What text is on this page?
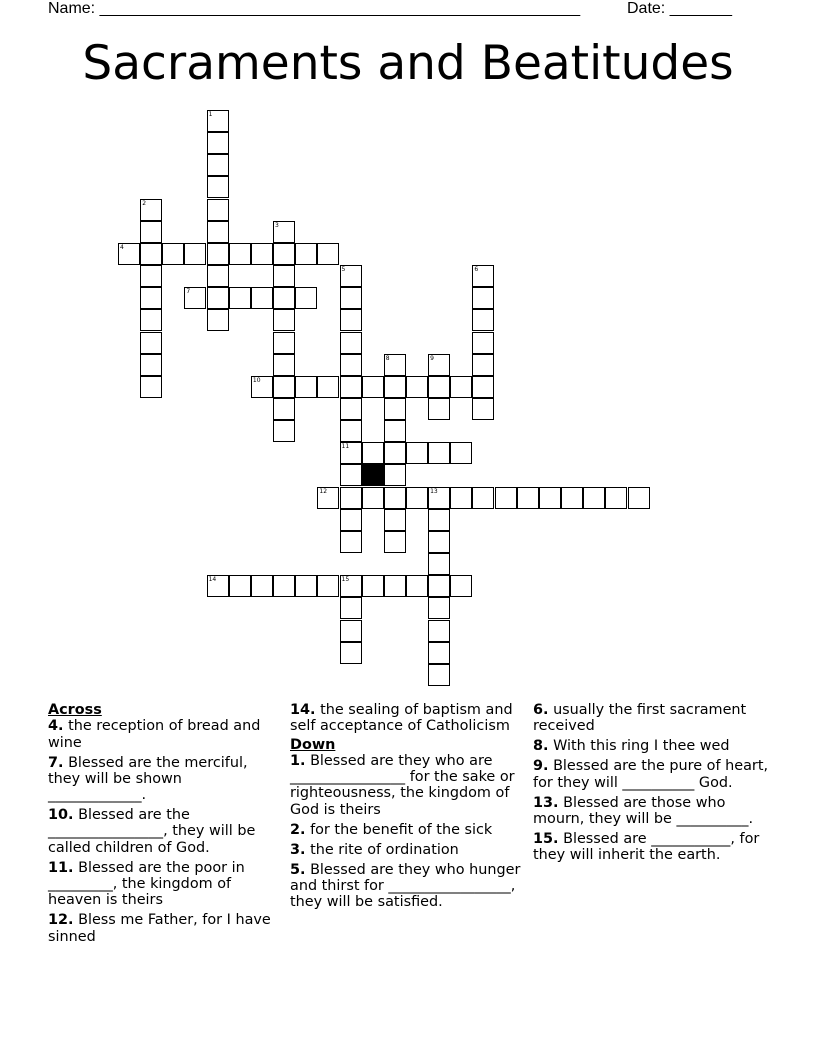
Name: ______________________________________________________	Date: _______
Sacraments and Beatitudes
1
2
3
4
5
11
6
7
8	9
10
12	13
14	15
Across
4. the reception of bread and wine
7. Blessed are the merciful, they will be shown _____________.
10. Blessed are the ________________, they will be called children of God.
11. Blessed are the poor in _________, the kingdom of heaven is theirs
12. Bless me Father, for I have sinned
14. the sealing of baptism and self acceptance of Catholicism
Down
1. Blessed are they who are ________________ for the sake or righteousness, the kingdom of God is theirs
2. for the benefit of the sick
3. the rite of ordination
5. Blessed are they who hunger and thirst for _________________, they will be satisfied.
6. usually the first sacrament received
8. With this ring I thee wed
9. Blessed are the pure of heart, for they will __________ God.
13. Blessed are those who mourn, they will be __________.
15. Blessed are ___________, for they will inherit the earth.
